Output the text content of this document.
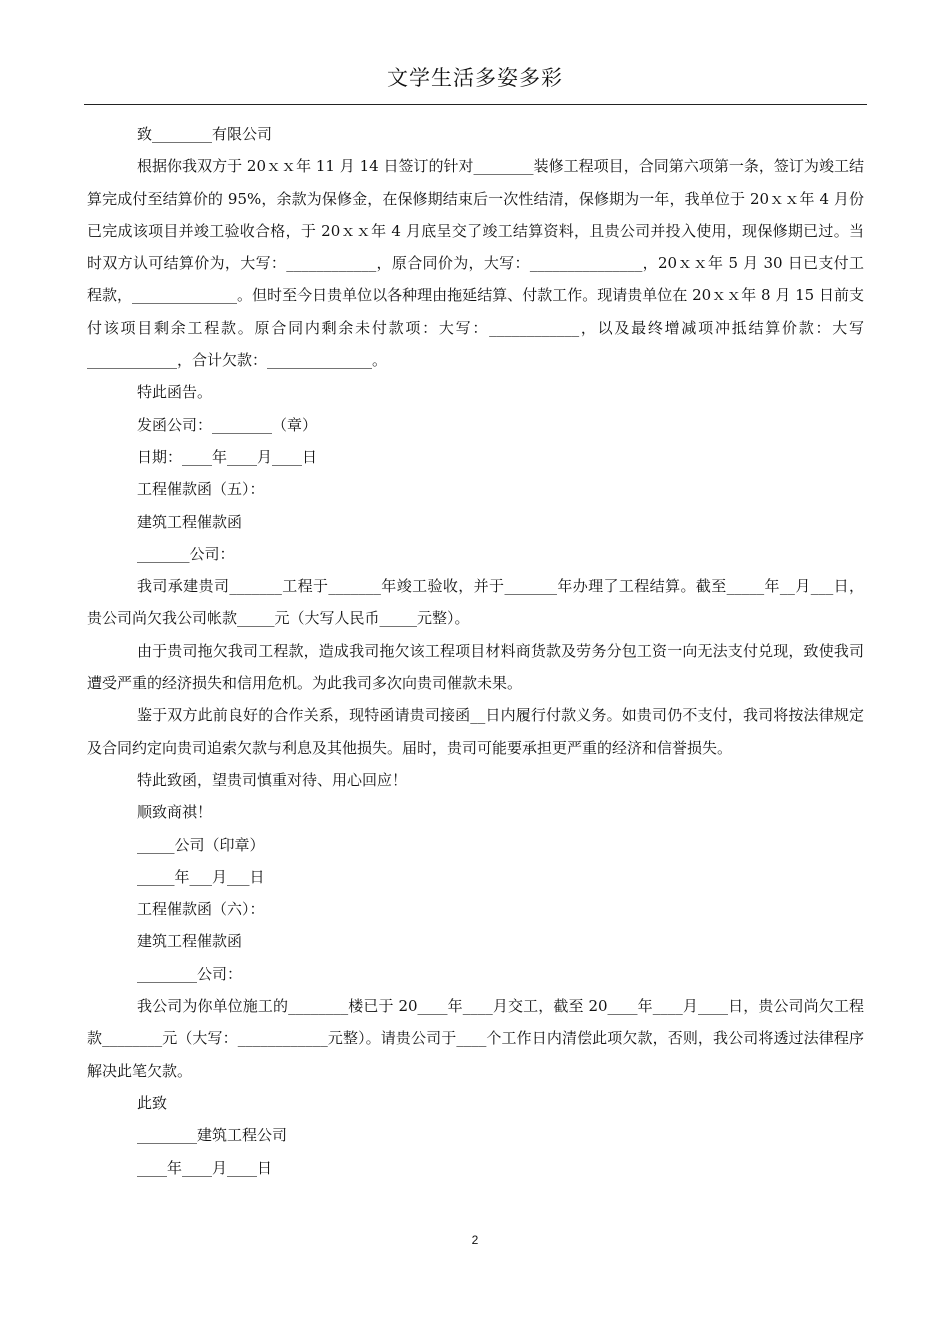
文学生活多姿多彩

致________有限公司

根据你我双方于 20ｘｘ年 11 月 14 日签订的针对________装修工程项目，合同第六项第一条，签订为竣工结算完成付至结算价的 95%，余款为保修金，在保修期结束后一次性结清，保修期为一年，我单位于 20ｘｘ年 4 月份已完成该项目并竣工验收合格，于 20ｘｘ年 4 月底呈交了竣工结算资料，且贵公司并投入使用，现保修期已过。当时双方认可结算价为，大写：____________，原合同价为，大写：_______________，20ｘｘ年 5 月 30 日已支付工程款，______________。但时至今日贵单位以各种理由拖延结算、付款工作。现请贵单位在 20ｘｘ年 8 月 15 日前支付该项目剩余工程款。原合同内剩余未付款项：大写：____________，以及最终增减项冲抵结算价款：大写____________，合计欠款：______________。

特此函告。

发函公司：________（章）

日期：____年____月____日

工程催款函（五）：

建筑工程催款函

_______公司：

我司承建贵司_______工程于_______年竣工验收，并于_______年办理了工程结算。截至_____年__月___日，贵公司尚欠我公司帐款_____元（大写人民币_____元整）。

由于贵司拖欠我司工程款，造成我司拖欠该工程项目材料商货款及劳务分包工资一向无法支付兑现，致使我司遭受严重的经济损失和信用危机。为此我司多次向贵司催款未果。

鉴于双方此前良好的合作关系，现特函请贵司接函__日内履行付款义务。如贵司仍不支付，我司将按法律规定及合同约定向贵司追索欠款与利息及其他损失。届时，贵司可能要承担更严重的经济和信誉损失。

特此致函，望贵司慎重对待、用心回应！

顺致商祺！

_____公司（印章）

_____年___月___日

工程催款函（六）：

建筑工程催款函

________公司：

我公司为你单位施工的________楼已于 20____年____月交工，截至 20____年____月____日，贵公司尚欠工程款________元（大写：____________元整）。请贵公司于____个工作日内清偿此项欠款，否则，我公司将透过法律程序解决此笔欠款。

此致

________建筑工程公司

____年____月____日

2
